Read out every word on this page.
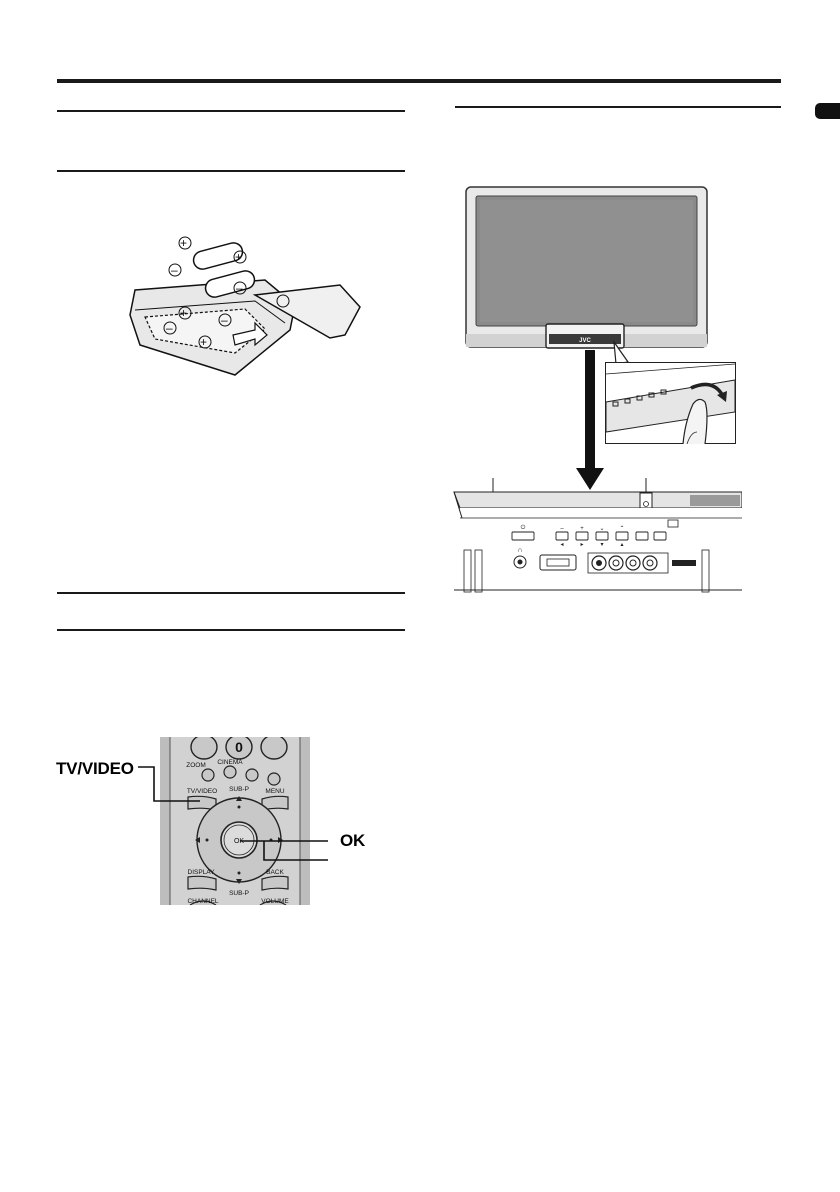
+
+
–
–
+	–
–
+
0
ZOOM CINEMA
TV/VIDEO SUB-P	MENU
OK
DISPLAY	BACK
SUB-P
CHANNEL	VOLUME
TV/VIDEO
OK
JVC
⏻	–	+	⌄ ⌃
◂	▸	▾	▴
∩
